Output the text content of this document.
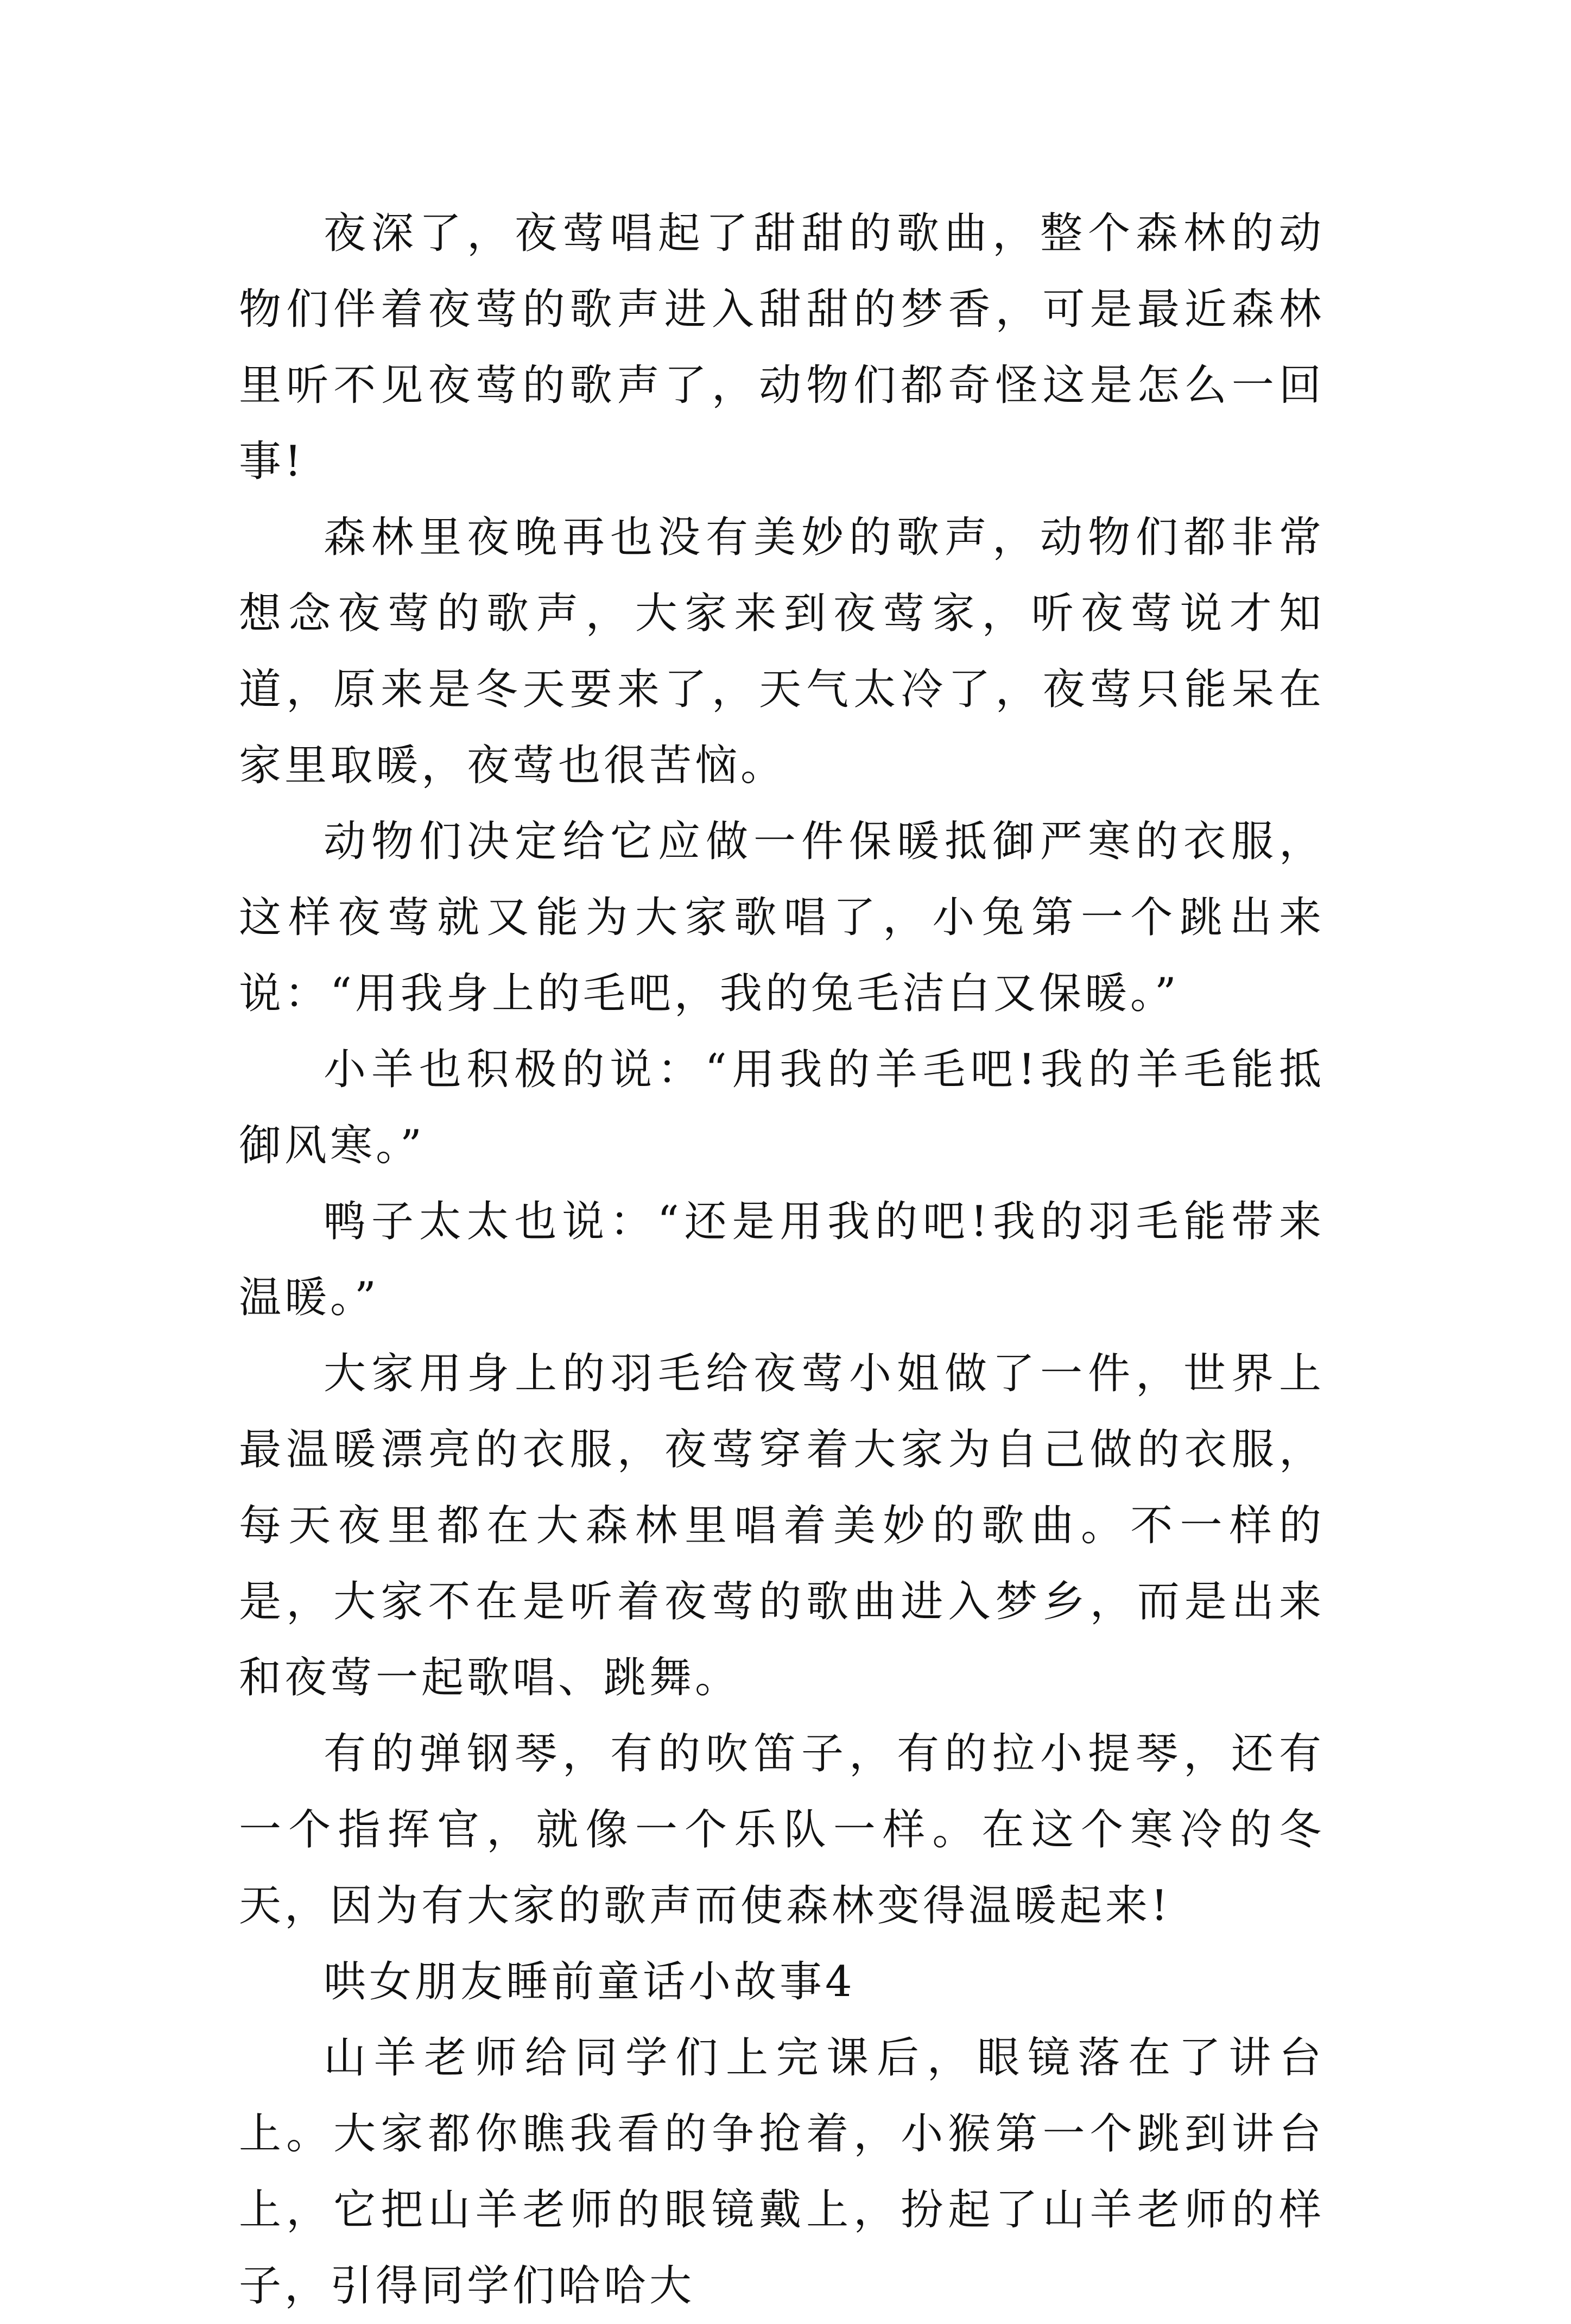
夜深了，夜莺唱起了甜甜的歌曲，整个森林的动物们伴着夜莺的歌声进入甜甜的梦香，可是最近森林里听不见夜莺的歌声了，动物们都奇怪这是怎么一回事!

森林里夜晚再也没有美妙的歌声，动物们都非常想念夜莺的歌声，大家来到夜莺家，听夜莺说才知道，原来是冬天要来了，天气太冷了，夜莺只能呆在家里取暖，夜莺也很苦恼。

动物们决定给它应做一件保暖抵御严寒的衣服，这样夜莺就又能为大家歌唱了，小兔第一个跳出来说：“用我身上的毛吧，我的兔毛洁白又保暖。”

小羊也积极的说：“用我的羊毛吧!我的羊毛能抵御风寒。”

鸭子太太也说：“还是用我的吧!我的羽毛能带来温暖。”

大家用身上的羽毛给夜莺小姐做了一件，世界上最温暖漂亮的衣服，夜莺穿着大家为自己做的衣服，每天夜里都在大森林里唱着美妙的歌曲。不一样的是，大家不在是听着夜莺的歌曲进入梦乡，而是出来和夜莺一起歌唱、跳舞。

有的弹钢琴，有的吹笛子，有的拉小提琴，还有一个指挥官，就像一个乐队一样。在这个寒冷的冬天，因为有大家的歌声而使森林变得温暖起来!

哄女朋友睡前童话小故事4

山羊老师给同学们上完课后，眼镜落在了讲台上。大家都你瞧我看的争抢着，小猴第一个跳到讲台上，它把山羊老师的眼镜戴上，扮起了山羊老师的样子，引得同学们哈哈大
